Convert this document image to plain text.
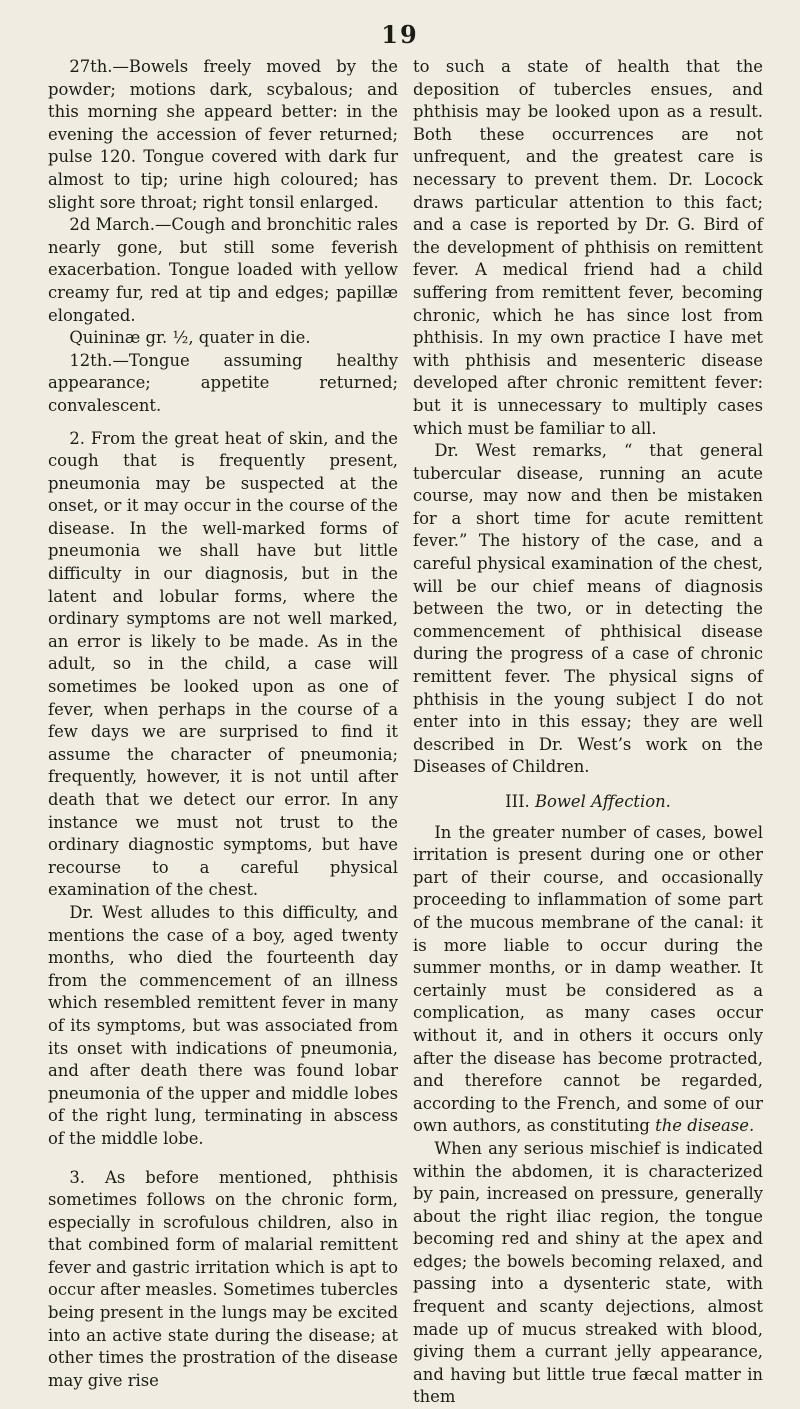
19

27th.—Bowels freely moved by the powder; motions dark, scybalous; and this morning she appeard better: in the evening the accession of fever returned; pulse 120. Tongue covered with dark fur almost to tip; urine high coloured; has slight sore throat; right tonsil enlarged.

2d March.—Cough and bronchitic rales nearly gone, but still some feverish exacerbation. Tongue loaded with yellow creamy fur, red at tip and edges; papillæ elongated.

Quininæ gr. ½, quater in die.

12th.—Tongue assuming healthy appearance; appetite returned; convalescent.

2. From the great heat of skin, and the cough that is frequently present, pneumonia may be suspected at the onset, or it may occur in the course of the disease. In the well-marked forms of pneumonia we shall have but little difficulty in our diagnosis, but in the latent and lobular forms, where the ordinary symptoms are not well marked, an error is likely to be made. As in the adult, so in the child, a case will sometimes be looked upon as one of fever, when perhaps in the course of a few days we are surprised to find it assume the character of pneumonia; frequently, however, it is not until after death that we detect our error. In any instance we must not trust to the ordinary diagnostic symptoms, but have recourse to a careful physical examination of the chest.

Dr. West alludes to this difficulty, and mentions the case of a boy, aged twenty months, who died the fourteenth day from the commencement of an illness which resembled remittent fever in many of its symptoms, but was associated from its onset with indications of pneumonia, and after death there was found lobar pneumonia of the upper and middle lobes of the right lung, terminating in abscess of the middle lobe.

3. As before mentioned, phthisis sometimes follows on the chronic form, especially in scrofulous children, also in that combined form of malarial remittent fever and gastric irritation which is apt to occur after measles. Sometimes tubercles being present in the lungs may be excited into an active state during the disease; at other times the prostration of the disease may give rise

to such a state of health that the deposition of tubercles ensues, and phthisis may be looked upon as a result. Both these occurrences are not unfrequent, and the greatest care is necessary to prevent them. Dr. Locock draws particular attention to this fact; and a case is reported by Dr. G. Bird of the development of phthisis on remittent fever. A medical friend had a child suffering from remittent fever, becoming chronic, which he has since lost from phthisis. In my own practice I have met with phthisis and mesenteric disease developed after chronic remittent fever: but it is unnecessary to multiply cases which must be familiar to all.

Dr. West remarks, “ that general tubercular disease, running an acute course, may now and then be mistaken for a short time for acute remittent fever.” The history of the case, and a careful physical examination of the chest, will be our chief means of diagnosis between the two, or in detecting the commencement of phthisical disease during the progress of a case of chronic remittent fever. The physical signs of phthisis in the young subject I do not enter into in this essay; they are well described in Dr. West’s work on the Diseases of Children.

III. Bowel Affection.

In the greater number of cases, bowel irritation is present during one or other part of their course, and occasionally proceeding to inflammation of some part of the mucous membrane of the canal: it is more liable to occur during the summer months, or in damp weather. It certainly must be considered as a complication, as many cases occur without it, and in others it occurs only after the disease has become protracted, and therefore cannot be regarded, according to the French, and some of our own authors, as constituting the disease.

When any serious mischief is indicated within the abdomen, it is characterized by pain, increased on pressure, generally about the right iliac region, the tongue becoming red and shiny at the apex and edges; the bowels becoming relaxed, and passing into a dysenteric state, with frequent and scanty dejections, almost made up of mucus streaked with blood, giving them a currant jelly appearance, and having but little true fæcal matter in them
